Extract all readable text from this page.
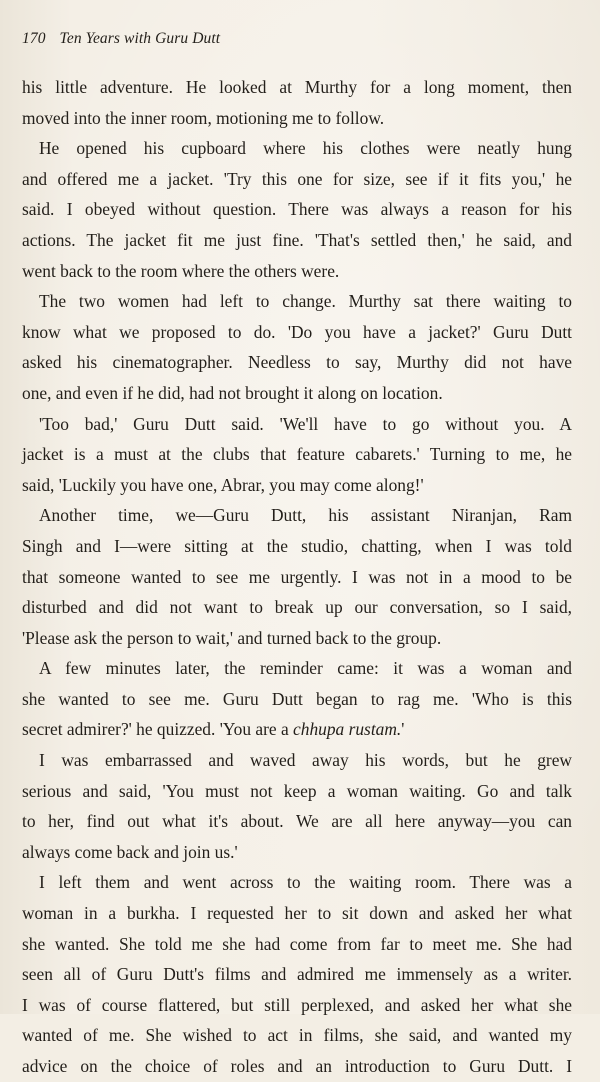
170 Ten Years with Guru Dutt
his little adventure. He looked at Murthy for a long moment, then
moved into the inner room, motioning me to follow.
He opened his cupboard where his clothes were neatly hung
and offered me a jacket. 'Try this one for size, see if it fits you,' he
said. I obeyed without question. There was always a reason for his
actions. The jacket fit me just fine. 'That's settled then,' he said, and
went back to the room where the others were.
The two women had left to change. Murthy sat there waiting to
know what we proposed to do. 'Do you have a jacket?' Guru Dutt
asked his cinematographer. Needless to say, Murthy did not have
one, and even if he did, had not brought it along on location.
'Too bad,' Guru Dutt said. 'We'll have to go without you. A
jacket is a must at the clubs that feature cabarets.' Turning to me, he
said, 'Luckily you have one, Abrar, you may come along!'
Another time, we—Guru Dutt, his assistant Niranjan, Ram
Singh and I—were sitting at the studio, chatting, when I was told
that someone wanted to see me urgently. I was not in a mood to be
disturbed and did not want to break up our conversation, so I said,
'Please ask the person to wait,' and turned back to the group.
A few minutes later, the reminder came: it was a woman and
she wanted to see me. Guru Dutt began to rag me. 'Who is this
secret admirer?' he quizzed. 'You are a chhupa rustam.'
I was embarrassed and waved away his words, but he grew
serious and said, 'You must not keep a woman waiting. Go and talk
to her, find out what it's about. We are all here anyway—you can
always come back and join us.'
I left them and went across to the waiting room. There was a
woman in a burkha. I requested her to sit down and asked her what
she wanted. She told me she had come from far to meet me. She had
seen all of Guru Dutt's films and admired me immensely as a writer.
I was of course flattered, but still perplexed, and asked her what she
wanted of me. She wished to act in films, she said, and wanted my
advice on the choice of roles and an introduction to Guru Dutt. I
